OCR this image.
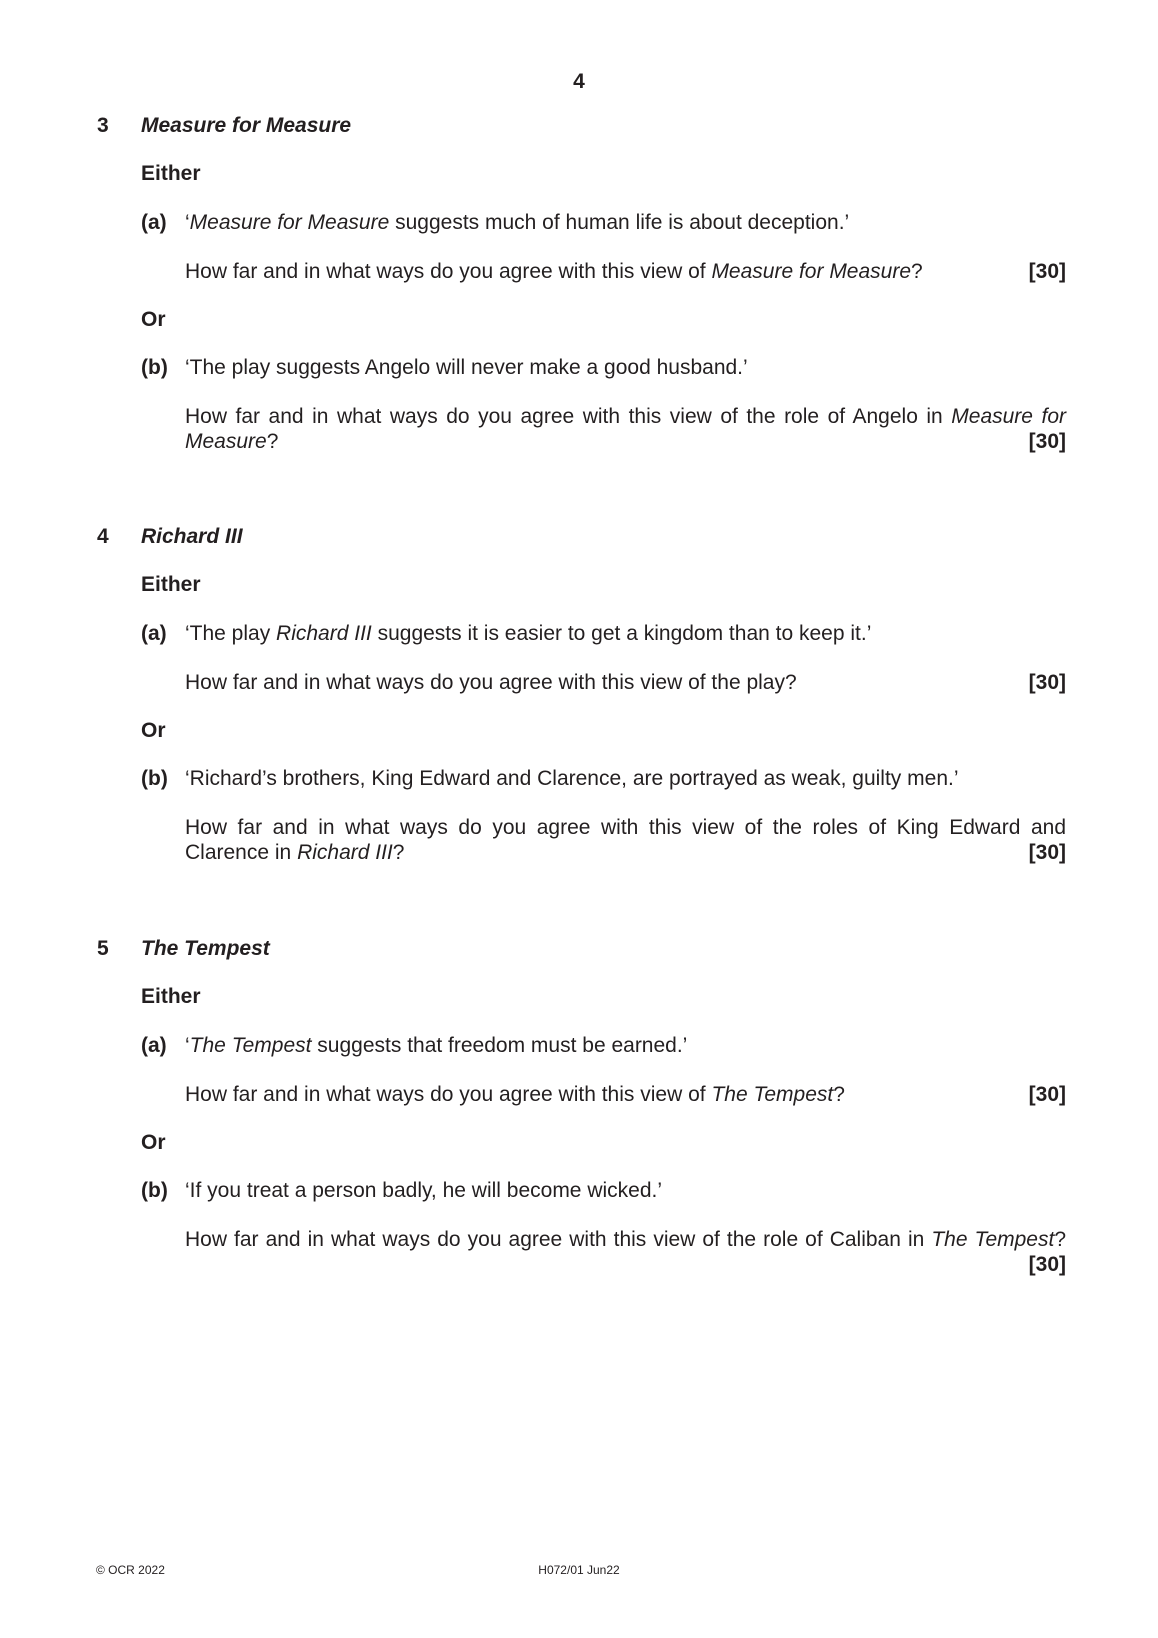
4
3 Measure for Measure
Either
(a) ‘Measure for Measure suggests much of human life is about deception.’
How far and in what ways do you agree with this view of Measure for Measure?	[30]
Or
(b) ‘The play suggests Angelo will never make a good husband.’
How far and in what ways do you agree with this view of the role of Angelo in Measure for
Measure?	[30]
4 Richard III
Either
(a) ‘The play Richard III suggests it is easier to get a kingdom than to keep it.’
How far and in what ways do you agree with this view of the play?	[30]
Or
(b) ‘Richard’s brothers, King Edward and Clarence, are portrayed as weak, guilty men.’
How far and in what ways do you agree with this view of the roles of King Edward and
Clarence in Richard III?	[30]
5 The Tempest
Either
(a) ‘The Tempest suggests that freedom must be earned.’
How far and in what ways do you agree with this view of The Tempest?	[30]
Or
(b) ‘If you treat a person badly, he will become wicked.’
How far and in what ways do you agree with this view of the role of Caliban in The Tempest?
[30]
© OCR 2022	H072/01 Jun22
